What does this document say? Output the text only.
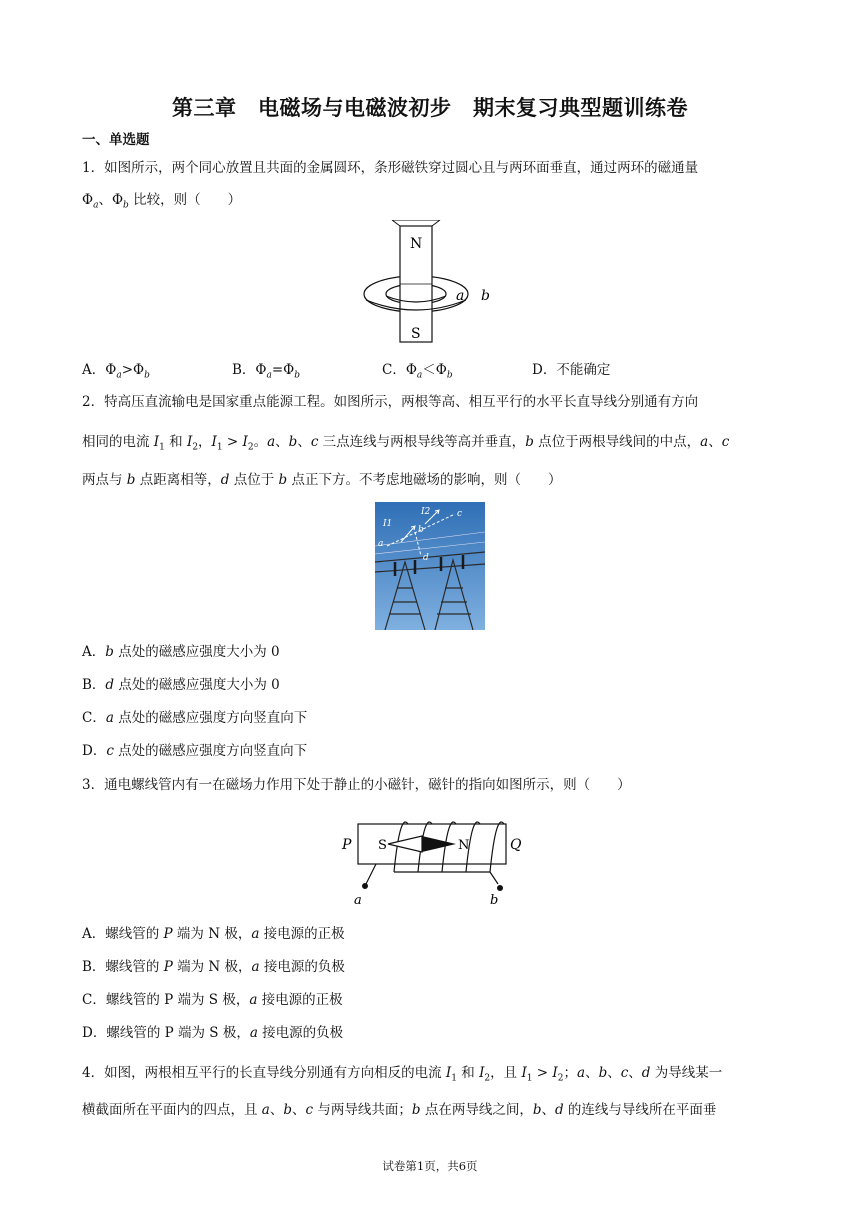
第三章　电磁场与电磁波初步　期末复习典型题训练卷
一、单选题
1．如图所示，两个同心放置且共面的金属圆环，条形磁铁穿过圆心且与两环面垂直，通过两环的磁通量
$\Phi_a$、$\Phi_b$ 比较，则（　　）
N
S
a b
A．$\Phi_a>\Phi_b$	B．$\Phi_a=\Phi_b$	C．$\Phi_a<\Phi_b$	D．不能确定
2．特高压直流输电是国家重点能源工程。如图所示，两根等高、相互平行的水平长直导线分别通有方向
相同的电流 $I_1$ 和 $I_2$，$I_1 > I_2$。a、b、c 三点连线与两根导线等高并垂直，b 点位于两根导线间的中点，a、c
两点与 b 点距离相等，d 点位于 b 点正下方。不考虑地磁场的影响，则（　　）
I1
I2
a
b
c
d
A．b 点处的磁感应强度大小为 0
B．d 点处的磁感应强度大小为 0
C．a 点处的磁感应强度方向竖直向下
D．c 点处的磁感应强度方向竖直向下
3．通电螺线管内有一在磁场力作用下处于静止的小磁针，磁针的指向如图所示，则（　　）
S	N
P	Q
a	b
A．螺线管的 P 端为 N 极，a 接电源的正极
B．螺线管的 P 端为 N 极，a 接电源的负极
C．螺线管的 P 端为 S 极，a 接电源的正极
D．螺线管的 P 端为 S 极，a 接电源的负极
4．如图，两根相互平行的长直导线分别通有方向相反的电流 $I_1$ 和 $I_2$，且 $I_1 > I_2$；a、b、c、d 为导线某一
横截面所在平面内的四点，且 a、b、c 与两导线共面；b 点在两导线之间，b、d 的连线与导线所在平面垂
试卷第1页，共6页
